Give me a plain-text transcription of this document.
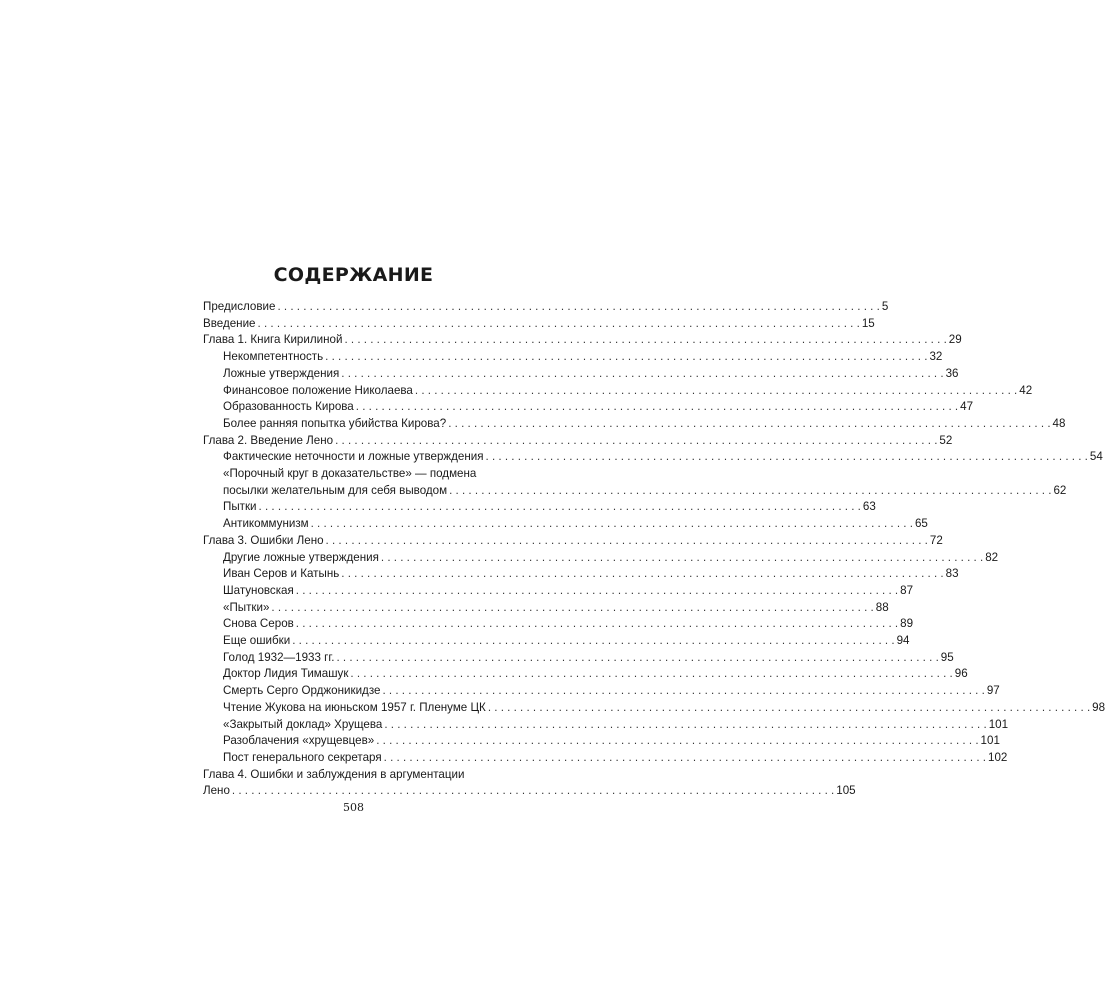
СОДЕРЖАНИЕ
Предисловие . . .	5
Введение . . .	15
Глава 1. Книга Кирилиной . . .	29
Некомпетентность . . .	32
Ложные утверждения . . .	36
Финансовое положение Николаева . . .	42
Образованность Кирова . . .	47
Более ранняя попытка убийства Кирова? . . .	48
Глава 2. Введение Лено . . .	52
Фактические неточности и ложные утверждения . . .	54
«Порочный круг в доказательстве» — подмена
посылки желательным для себя выводом . . .	62
Пытки . . .	63
Антикоммунизм . . .	65
Глава 3. Ошибки Лено . . .	72
Другие ложные утверждения . . .	82
Иван Серов и Катынь . . .	83
Шатуновская . . .	87
«Пытки» . . .	88
Снова Серов . . .	89
Еще ошибки . . .	94
Голод 1932—1933 гг. . . .	95
Доктор Лидия Тимашук . . .	96
Смерть Серго Орджоникидзе . . .	97
Чтение Жукова на июньском 1957 г. Пленуме ЦК . . .	98
«Закрытый доклад» Хрущева . . .	101
Разоблачения «хрущевцев» . . .	101
Пост генерального секретаря . . .	102
Глава 4. Ошибки и заблуждения в аргументации
Лено . . .	105
508
